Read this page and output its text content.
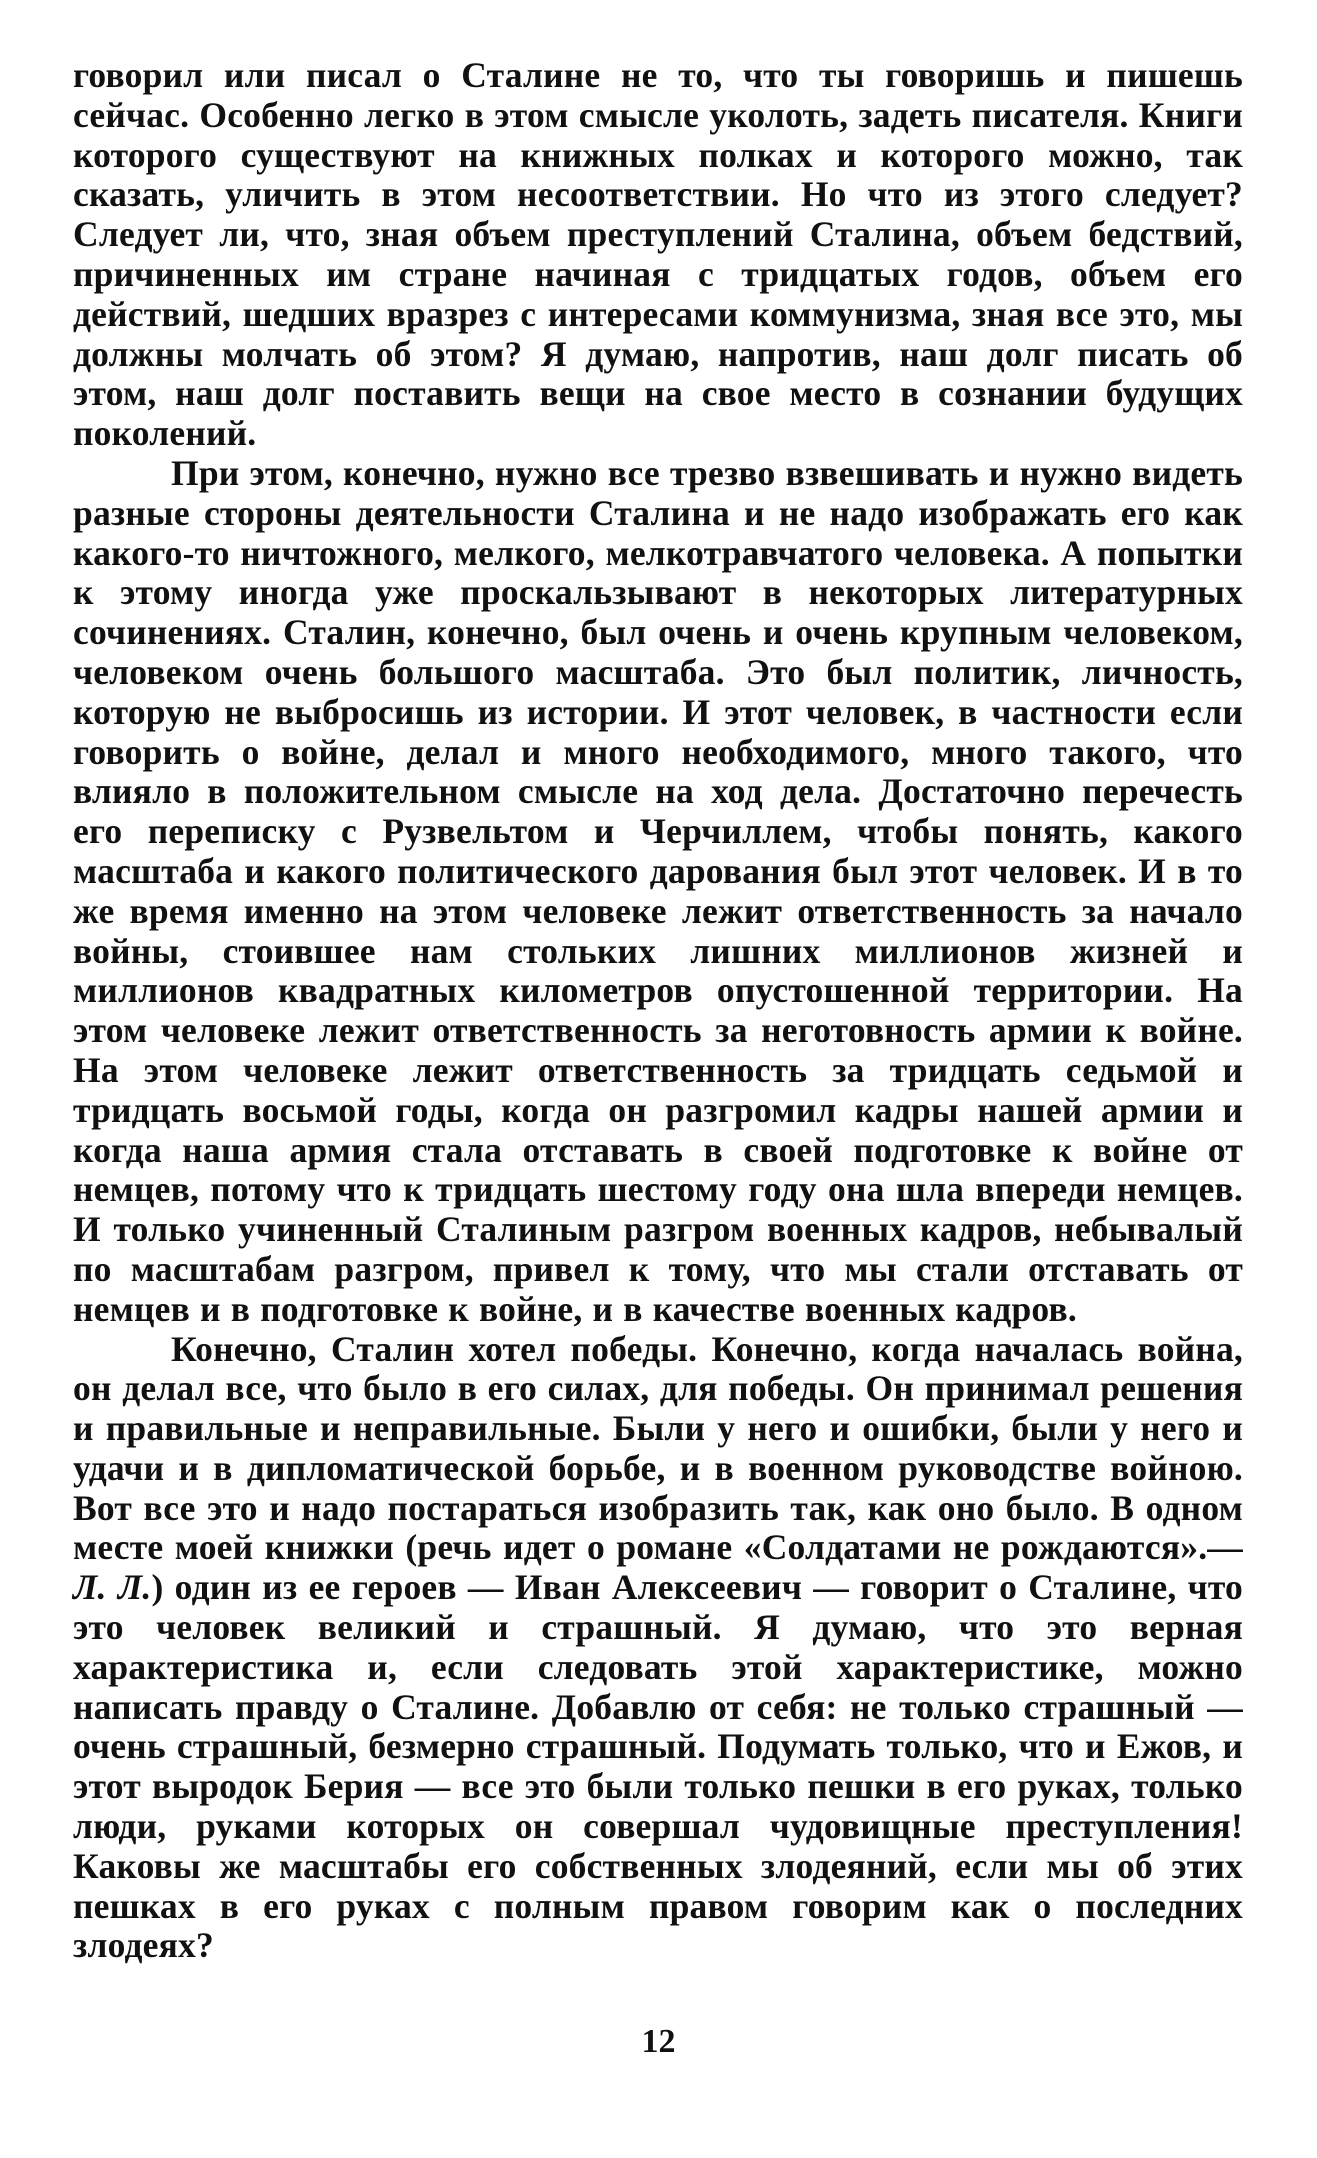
говорил или писал о Сталине не то, что ты говоришь и пишешь сейчас. Особенно легко в этом смысле уколоть, задеть писателя. Книги которого существуют на книжных полках и которого можно, так сказать, уличить в этом несоответствии. Но что из этого следует? Следует ли, что, зная объем преступлений Сталина, объем бедствий, причиненных им стране начиная с тридцатых годов, объем его действий, шедших вразрез с интересами коммунизма, зная все это, мы должны молчать об этом? Я думаю, напротив, наш долг писать об этом, наш долг поставить вещи на свое место в сознании будущих поколений.

При этом, конечно, нужно все трезво взвешивать и нужно видеть разные стороны деятельности Сталина и не надо изображать его как какого-то ничтожного, мелкого, мелкотравчатого человека. А попытки к этому иногда уже проскальзывают в некоторых литературных сочинениях. Сталин, конечно, был очень и очень крупным человеком, человеком очень большого масштаба. Это был политик, личность, которую не выбросишь из истории. И этот человек, в частности если говорить о войне, делал и много необходимого, много такого, что влияло в положительном смысле на ход дела. Достаточно перечесть его переписку с Рузвельтом и Черчиллем, чтобы понять, какого масштаба и какого политического дарования был этот человек. И в то же время именно на этом человеке лежит ответственность за начало войны, стоившее нам стольких лишних миллионов жизней и миллионов квадратных километров опустошенной территории. На этом человеке лежит ответственность за неготовность армии к войне. На этом человеке лежит ответственность за тридцать седьмой и тридцать восьмой годы, когда он разгромил кадры нашей армии и когда наша армия стала отставать в своей подготовке к войне от немцев, потому что к тридцать шестому году она шла впереди немцев. И только учиненный Сталиным разгром военных кадров, небывалый по масштабам разгром, привел к тому, что мы стали отставать от немцев и в подготовке к войне, и в качестве военных кадров.

Конечно, Сталин хотел победы. Конечно, когда началась война, он делал все, что было в его силах, для победы. Он принимал решения и правильные и неправильные. Были у него и ошибки, были у него и удачи и в дипломатической борьбе, и в военном руководстве войною. Вот все это и надо постараться изобразить так, как оно было. В одном месте моей книжки (речь идет о романе «Солдатами не рождаются».— Л. Л.) один из ее героев — Иван Алексеевич — говорит о Сталине, что это человек великий и страшный. Я думаю, что это верная характеристика и, если следовать этой характеристике, можно написать правду о Сталине. Добавлю от себя: не только страшный — очень страшный, безмерно страшный. Подумать только, что и Ежов, и этот выродок Берия — все это были только пешки в его руках, только люди, руками которых он совершал чудовищные преступления! Каковы же масштабы его собственных злодеяний, если мы об этих пешках в его руках с полным правом говорим как о последних злодеях?

12
